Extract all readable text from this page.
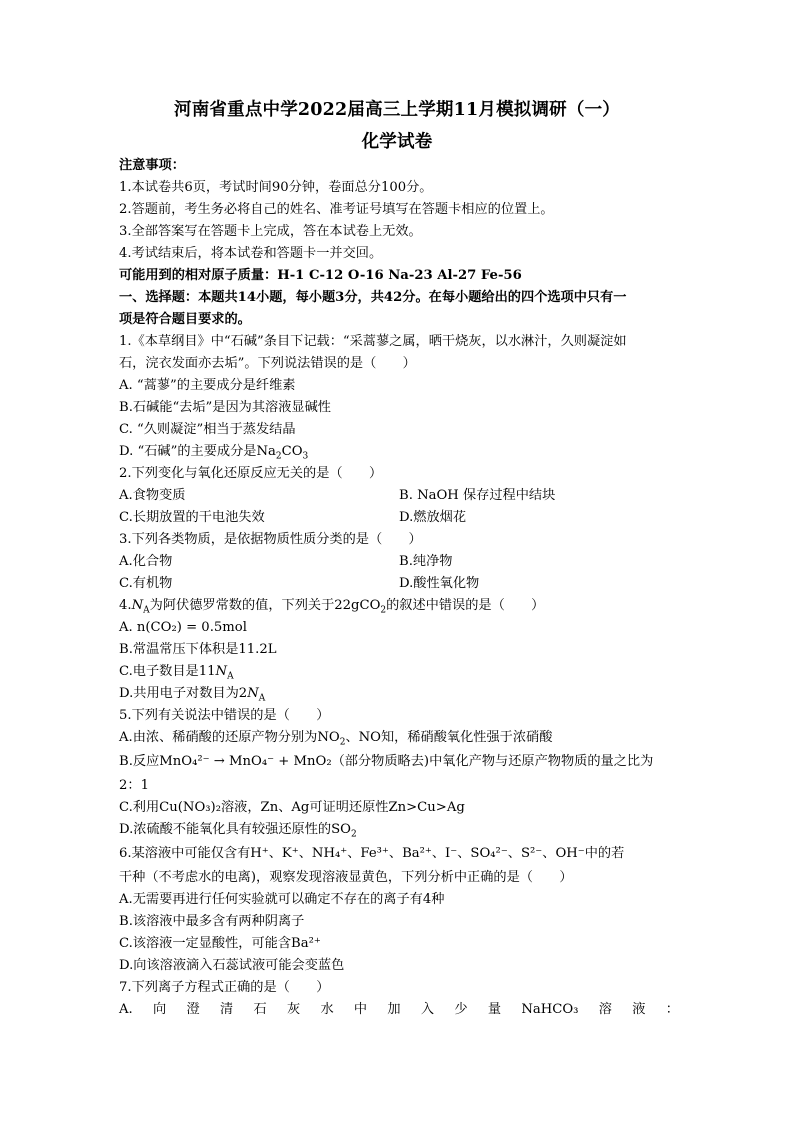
河南省重点中学2022届高三上学期11月模拟调研（一）
化学试卷
注意事项：
1.本试卷共6页，考试时间90分钟，卷面总分100分。
2.答题前，考生务必将自己的姓名、准考证号填写在答题卡相应的位置上。
3.全部答案写在答题卡上完成，答在本试卷上无效。
4.考试结束后，将本试卷和答题卡一并交回。
可能用到的相对原子质量：H-1 C-12 O-16 Na-23 Al-27 Fe-56
一、选择题：本题共14小题，每小题3分，共42分。在每小题给出的四个选项中只有一
项是符合题目要求的。
1.《本草纲目》中“石碱”条目下记载：“采蒿蓼之属，晒干烧灰，以水淋汁，久则凝淀如
石，浣衣发面亦去垢”。下列说法错误的是（　　）
A. “蒿蓼”的主要成分是纤维素
B.石碱能“去垢”是因为其溶液显碱性
C. “久则凝淀”相当于蒸发结晶
D. “石碱”的主要成分是$Na_2CO_3$
2.下列变化与氧化还原反应无关的是（　　）
A.食物变质	B. NaOH 保存过程中结块
C.长期放置的干电池失效	D.燃放烟花
3.下列各类物质，是依据物质性质分类的是（　　）
A.化合物	B.纯净物
C.有机物	D.酸性氧化物
$4.N_A$为阿伏德罗常数的值，下列关于22gCO$_2$的叙述中错误的是（　　）
A. n(CO₂) = 0.5mol
B.常温常压下体积是11.2L
C.电子数目是$11N_A$
D.共用电子对数目为$2N_A$
5.下列有关说法中错误的是（　　）
A.由浓、稀硝酸的还原产物分别为$NO_2$、NO知，稀硝酸氧化性强于浓硝酸
B.反应MnO₄²⁻ → MnO₄⁻ + MnO₂（部分物质略去)中氧化产物与还原产物物质的量之比为
2：1
C.利用Cu(NO₃)₂溶液，Zn、Ag可证明还原性Zn>Cu>Ag
D.浓硫酸不能氧化具有较强还原性的$SO_2$
6.某溶液中可能仅含有H⁺、K⁺、NH₄⁺、Fe³⁺、Ba²⁺、I⁻、SO₄²⁻、S²⁻、OH⁻中的若
干种（不考虑水的电离)，观察发现溶液显黄色，下列分析中正确的是（　　）
A.无需要再进行任何实验就可以确定不存在的离子有4种
B.该溶液中最多含有两种阴离子
C.该溶液一定显酸性，可能含Ba²⁺
D.向该溶液滴入石蕊试液可能会变蓝色
7.下列离子方程式正确的是（　　）
A. 向 澄 清 石 灰 水 中 加 入 少 量 NaHCO₃ 溶 液 ：
